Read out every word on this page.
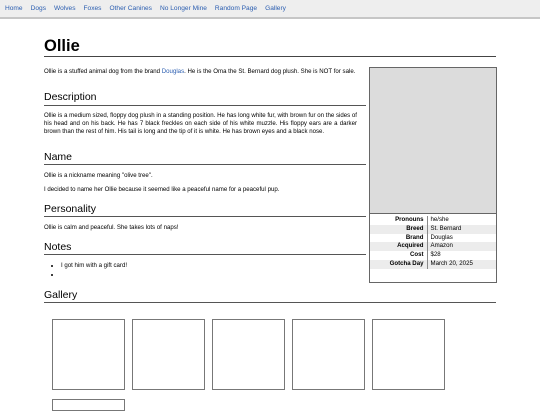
Home Dogs Wolves Foxes Other Canines No Longer Mine Random Page Gallery
Ollie

Ollie is a stuffed animal dog from the brand Douglas. He is the Oma the St. Bernard dog plush. She is NOT for sale.

Description

Ollie is a medium sized, floppy dog plush in a standing position. He has long white fur, with brown fur on the sides of his head and on his back. He has 7 black freckles on each side of his white muzzle. His floppy ears are a darker brown than the rest of him. His tail is long and the tip of it is white. He has brown eyes and a black nose.

Name

Ollie is a nickname meaning "olive tree".

I decided to name her Ollie because it seemed like a peaceful name for a peaceful pup.

Personality

Ollie is calm and peaceful. She takes lots of naps!

Notes
• I got him with a gift card!
•
Pronouns	he/she
Breed	St. Bernard
Brand	Douglas
Acquired	Amazon
Cost	$28
Gotcha Day	March 20, 2025
Gallery
